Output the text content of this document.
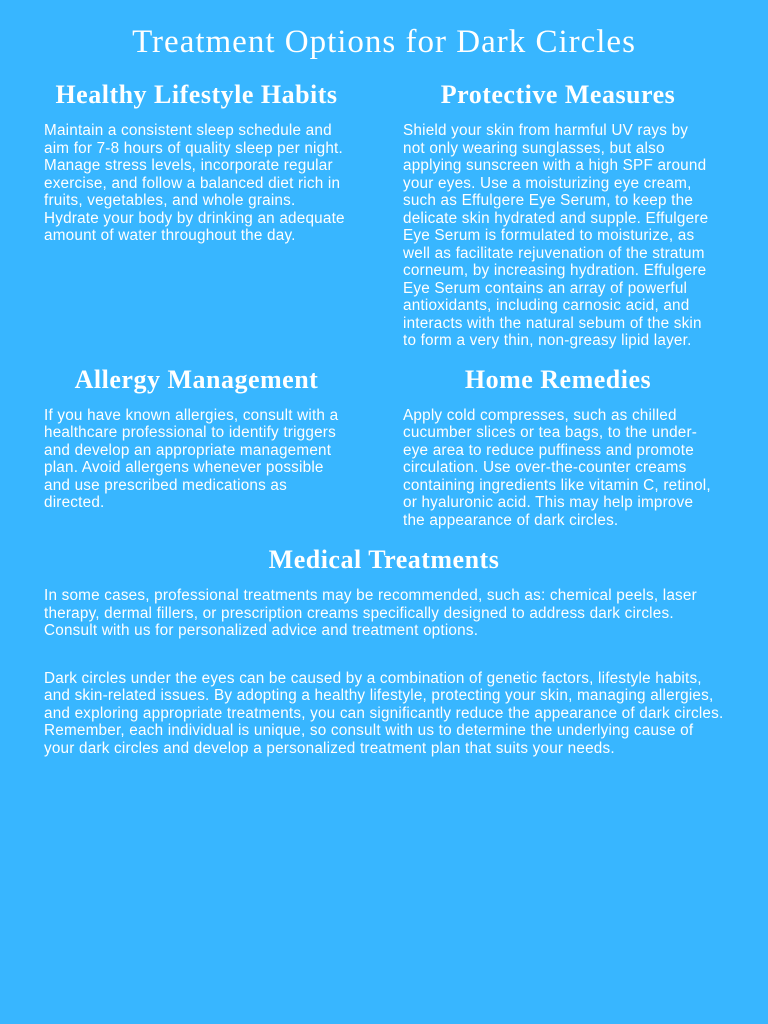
Treatment Options for Dark Circles
Healthy Lifestyle Habits

Maintain a consistent sleep schedule and aim for 7-8 hours of quality sleep per night. Manage stress levels, incorporate regular exercise, and follow a balanced diet rich in fruits, vegetables, and whole grains. Hydrate your body by drinking an adequate amount of water throughout the day.

Protective Measures

Shield your skin from harmful UV rays by not only wearing sunglasses, but also applying sunscreen with a high SPF around your eyes. Use a moisturizing eye cream, such as Effulgere Eye Serum, to keep the delicate skin hydrated and supple. Effulgere Eye Serum is formulated to moisturize, as well as facilitate rejuvenation of the stratum corneum, by increasing hydration. Effulgere Eye Serum contains an array of powerful antioxidants, including carnosic acid, and interacts with the natural sebum of the skin to form a very thin, non-greasy lipid layer.

Allergy Management

If you have known allergies, consult with a healthcare professional to identify triggers and develop an appropriate management plan. Avoid allergens whenever possible and use prescribed medications as directed.

Home Remedies

Apply cold compresses, such as chilled cucumber slices or tea bags, to the under- eye area to reduce puffiness and promote circulation. Use over-the-counter creams containing ingredients like vitamin C, retinol, or hyaluronic acid. This may help improve the appearance of dark circles.

Medical Treatments

In some cases, professional treatments may be recommended, such as: chemical peels, laser therapy, dermal fillers, or prescription creams specifically designed to address dark circles. Consult with us for personalized advice and treatment options.

Dark circles under the eyes can be caused by a combination of genetic factors, lifestyle habits, and skin-related issues. By adopting a healthy lifestyle, protecting your skin, managing allergies, and exploring appropriate treatments, you can significantly reduce the appearance of dark circles. Remember, each individual is unique, so consult with us to determine the underlying cause of your dark circles and develop a personalized treatment plan that suits your needs.
